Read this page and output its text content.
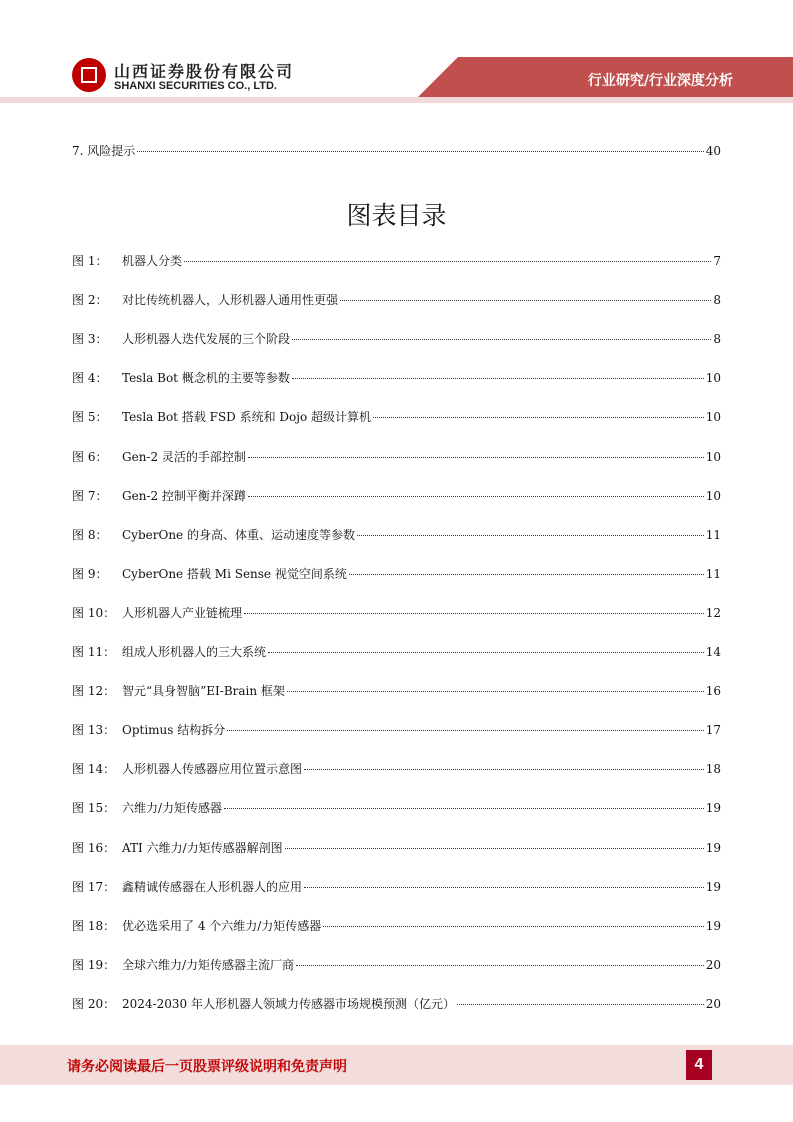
山西证券股份有限公司
SHANXI SECURITIES CO., LTD.	行业研究/行业深度分析
7. 风险提示	40
图表目录
图 1： 机器人分类	7
图 2： 对比传统机器人，人形机器人通用性更强	8
图 3： 人形机器人迭代发展的三个阶段	8
图 4： Tesla Bot 概念机的主要等参数	10
图 5： Tesla Bot 搭载 FSD 系统和 Dojo 超级计算机	10
图 6： Gen-2 灵活的手部控制	10
图 7： Gen-2 控制平衡并深蹲	10
图 8： CyberOne 的身高、体重、运动速度等参数	11
图 9： CyberOne 搭载 Mi Sense 视觉空间系统	11
图 10： 人形机器人产业链梳理	12
图 11： 组成人形机器人的三大系统	14
图 12： 智元“具身智脑”EI-Brain 框架	16
图 13： Optimus 结构拆分	17
图 14： 人形机器人传感器应用位置示意图	18
图 15： 六维力/力矩传感器	19
图 16： ATI 六维力/力矩传感器解剖图	19
图 17： 鑫精诚传感器在人形机器人的应用	19
图 18： 优必选采用了 4 个六维力/力矩传感器	19
图 19： 全球六维力/力矩传感器主流厂商	20
图 20： 2024-2030 年人形机器人领域力传感器市场规模预测（亿元）	20
请务必阅读最后一页股票评级说明和免责声明	4
